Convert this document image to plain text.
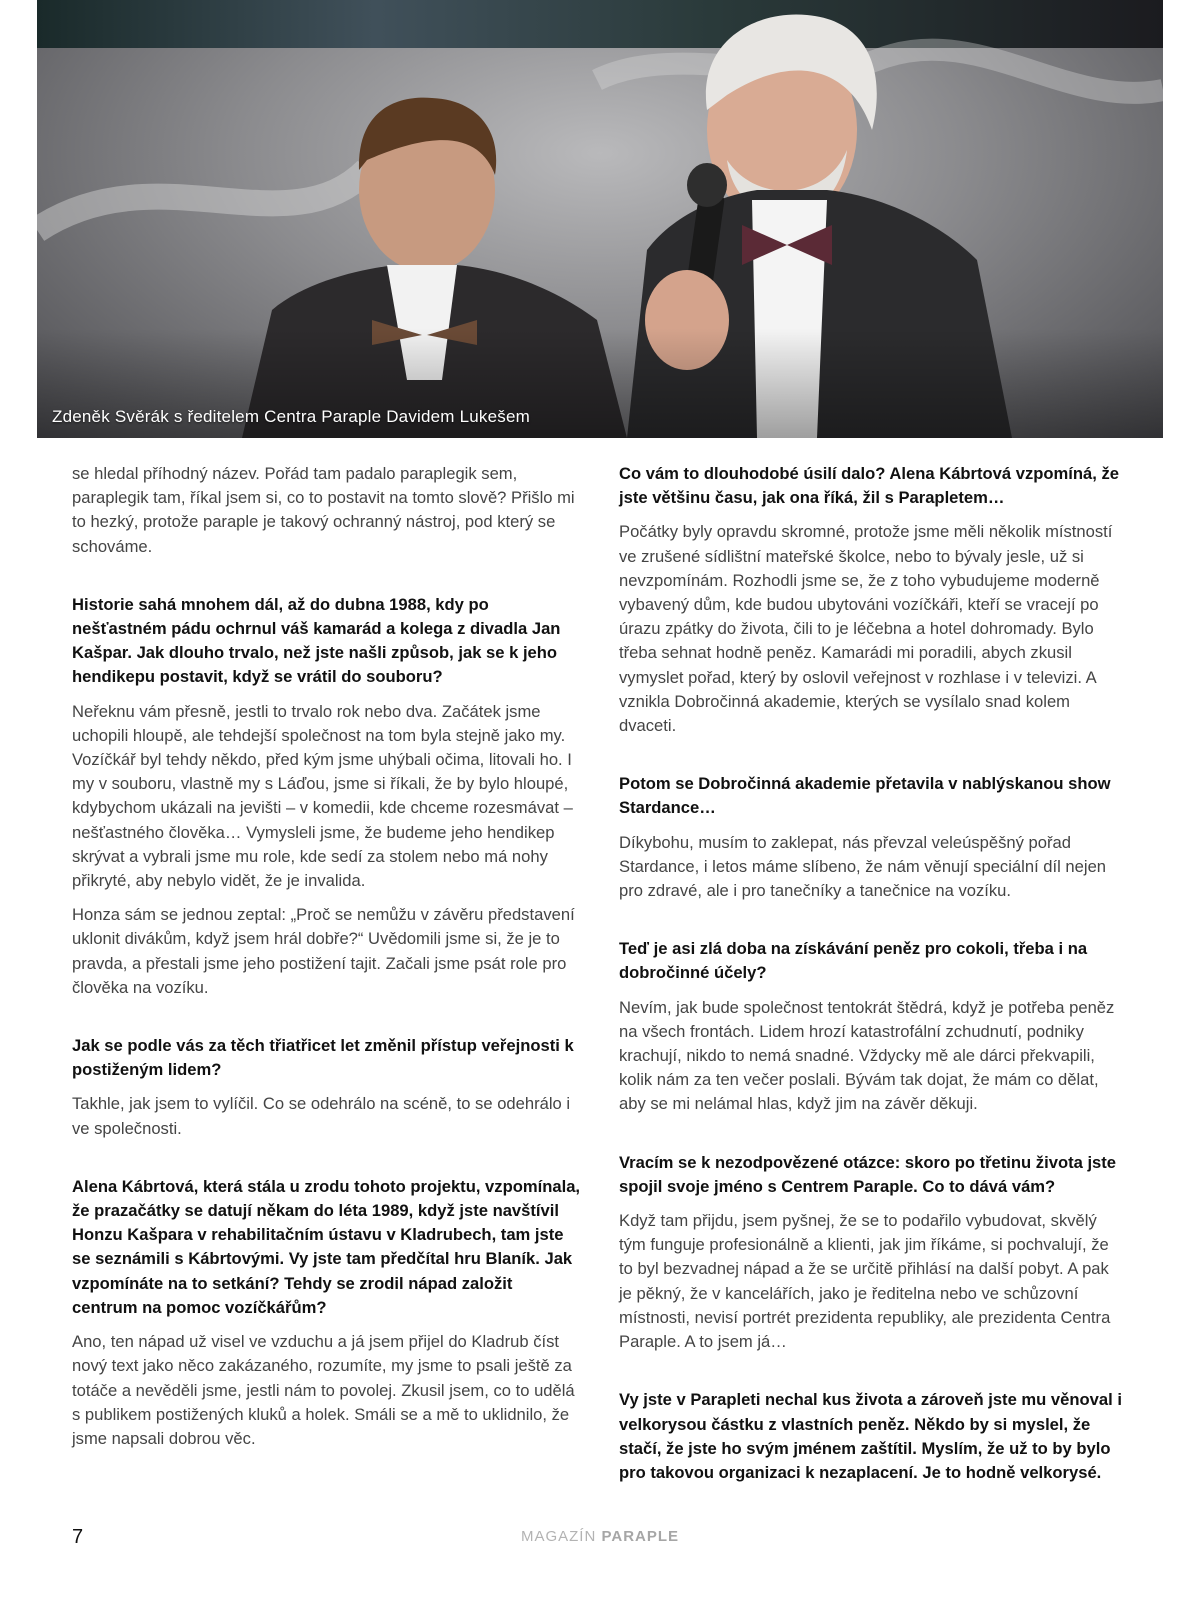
Zdeněk Svěrák s ředitelem Centra Paraple Davidem Lukešem

se hledal příhodný název. Pořád tam padalo paraplegik sem, paraplegik tam, říkal jsem si, co to postavit na tomto slově? Přišlo mi to hezký, protože paraple je takový ochranný nástroj, pod který se schováme.

Historie sahá mnohem dál, až do dubna 1988, kdy po nešťastném pádu ochrnul váš kamarád a kolega z divadla Jan Kašpar. Jak dlouho trvalo, než jste našli způsob, jak se k jeho hendikepu postavit, když se vrátil do souboru?

Neřeknu vám přesně, jestli to trvalo rok nebo dva. Začátek jsme uchopili hloupě, ale tehdejší společnost na tom byla stejně jako my. Vozíčkář byl tehdy někdo, před kým jsme uhýbali očima, litovali ho. I my v souboru, vlastně my s Láďou, jsme si říkali, že by bylo hloupé, kdybychom ukázali na jevišti – v komedii, kde chceme rozesmávat – nešťastného člověka… Vymysleli jsme, že budeme jeho hendikep skrývat a vybrali jsme mu role, kde sedí za stolem nebo má nohy přikryté, aby nebylo vidět, že je invalida.

Honza sám se jednou zeptal: „Proč se nemůžu v závěru představení uklonit divákům, když jsem hrál dobře?“ Uvědomili jsme si, že je to pravda, a přestali jsme jeho postižení tajit. Začali jsme psát role pro člověka na vozíku.

Jak se podle vás za těch třiatřicet let změnil přístup veřejnosti k postiženým lidem?

Takhle, jak jsem to vylíčil. Co se odehrálo na scéně, to se odehrálo i ve společnosti.

Alena Kábrtová, která stála u zrodu tohoto projektu, vzpomínala, že prazačátky se datují někam do léta 1989, když jste navštívil Honzu Kašpara v rehabilitačním ústavu v Kladrubech, tam jste se seznámili s Kábrtovými. Vy jste tam předčítal hru Blaník. Jak vzpomínáte na to setkání? Tehdy se zrodil nápad založit centrum na pomoc vozíčkářům?

Ano, ten nápad už visel ve vzduchu a já jsem přijel do Kladrub číst nový text jako něco zakázaného, rozumíte, my jsme to psali ještě za totáče a nevěděli jsme, jestli nám to povolej. Zkusil jsem, co to udělá s publikem postižených kluků a holek. Smáli se a mě to uklidnilo, že jsme napsali dobrou věc.

Co vám to dlouhodobé úsilí dalo? Alena Kábrtová vzpomíná, že jste většinu času, jak ona říká, žil s Parapletem…

Počátky byly opravdu skromné, protože jsme měli několik místností ve zrušené sídlištní mateřské školce, nebo to bývaly jesle, už si nevzpomínám. Rozhodli jsme se, že z toho vybudujeme moderně vybavený dům, kde budou ubytováni vozíčkáři, kteří se vracejí po úrazu zpátky do života, čili to je léčebna a hotel dohromady. Bylo třeba sehnat hodně peněz. Kamarádi mi poradili, abych zkusil vymyslet pořad, který by oslovil veřejnost v rozhlase i v televizi. A vznikla Dobročinná akademie, kterých se vysílalo snad kolem dvaceti.

Potom se Dobročinná akademie přetavila v nablýskanou show Stardance…

Díkybohu, musím to zaklepat, nás převzal veleúspěšný pořad Stardance, i letos máme slíbeno, že nám věnují speciální díl nejen pro zdravé, ale i pro tanečníky a tanečnice na vozíku.

Teď je asi zlá doba na získávání peněz pro cokoli, třeba i na dobročinné účely?

Nevím, jak bude společnost tentokrát štědrá, když je potřeba peněz na všech frontách. Lidem hrozí katastrofální zchudnutí, podniky krachují, nikdo to nemá snadné. Vždycky mě ale dárci překvapili, kolik nám za ten večer poslali. Bývám tak dojat, že mám co dělat, aby se mi nelámal hlas, když jim na závěr děkuji.

Vracím se k nezodpovězené otázce: skoro po třetinu života jste spojil svoje jméno s Centrem Paraple. Co to dává vám?

Když tam přijdu, jsem pyšnej, že se to podařilo vybudovat, skvělý tým funguje profesionálně a klienti, jak jim říkáme, si pochvalují, že to byl bezvadnej nápad a že se určitě přihlásí na další pobyt. A pak je pěkný, že v kancelářích, jako je ředitelna nebo ve schůzovní místnosti, nevisí portrét prezidenta republiky, ale prezidenta Centra Paraple. A to jsem já…

Vy jste v Parapleti nechal kus života a zároveň jste mu věnoval i velkorysou částku z vlastních peněz. Někdo by si myslel, že stačí, že jste ho svým jménem zaštítil. Myslím, že už to by bylo pro takovou organizaci k nezaplacení. Je to hodně velkorysé.

7	MAGAZÍN PARAPLE
